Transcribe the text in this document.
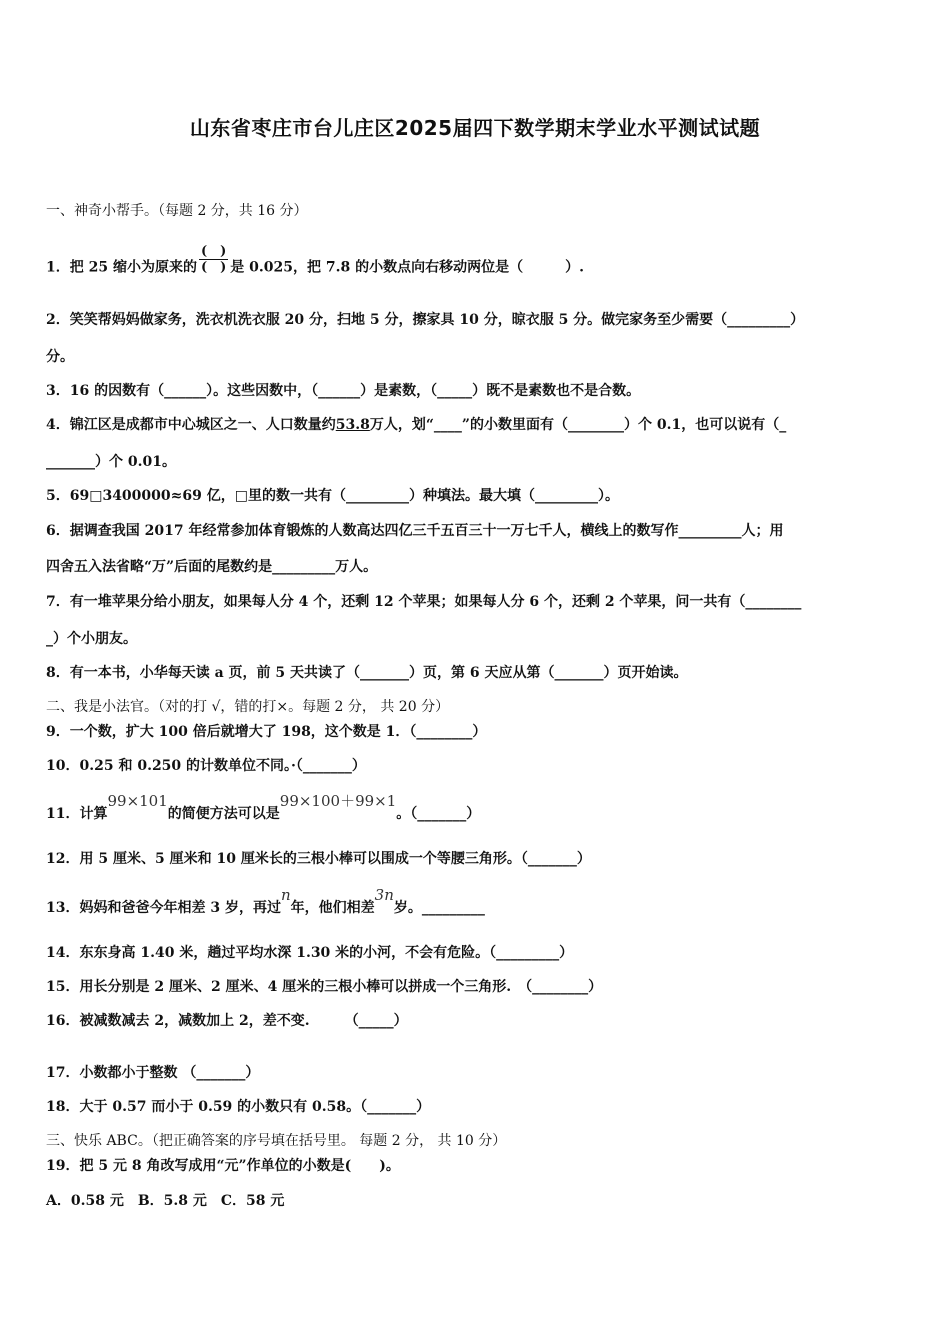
山东省枣庄市台儿庄区2025届四下数学期末学业水平测试试题
一、神奇小帮手。（每题 2 分，共 16 分）
1．把 25 缩小为原来的 $\frac{( )}{( )}$ 是 0.025，把 7.8 的小数点向右移动两位是（　　　）.
2．笑笑帮妈妈做家务，洗衣机洗衣服 20 分，扫地 5 分，擦家具 10 分，晾衣服 5 分。做完家务至少需要（_________）
分。
3．16 的因数有（______）。这些因数中，（______）是素数，（_____）既不是素数也不是合数。
4．锦江区是成都市中心城区之一、人口数量约53.8万人，划“____”的小数里面有（________）个 0.1，也可以说有（_
_______）个 0.01。
5．69□3400000≈69 亿，□里的数一共有（_________）种填法。最大填（_________）。
6．据调查我国 2017 年经常参加体育锻炼的人数高达四亿三千五百三十一万七千人，横线上的数写作_________人；用
四舍五入法省略“万”后面的尾数约是_________万人。
7．有一堆苹果分给小朋友，如果每人分 4 个，还剩 12 个苹果；如果每人分 6 个，还剩 2 个苹果，问一共有（________
_）个小朋友。
8．有一本书，小华每天读 a 页，前 5 天共读了（_______）页，第 6 天应从第（_______）页开始读。
二、我是小法官。（对的打 √，错的打×。每题 2 分， 共 20 分）
9．一个数，扩大 100 倍后就增大了 198，这个数是 1．（________）
10．0.25 和 0.250 的计数单位不同。·（_______）
11．计算99×101的简便方法可以是99×100＋99×1。（_______）
12．用 5 厘米、5 厘米和 10 厘米长的三根小棒可以围成一个等腰三角形。（_______）
13．妈妈和爸爸今年相差 3 岁，再过n年，他们相差3n岁。_________
14．东东身高 1.40 米，趟过平均水深 1.30 米的小河，不会有危险。（_________）
15．用长分别是 2 厘米、2 厘米、4 厘米的三根小棒可以拼成一个三角形.　（________）
16．被减数减去 2，减数加上 2，差不变.　　　（_____）
17．小数都小于整数 （_______）
18．大于 0.57 而小于 0.59 的小数只有 0.58。（_______）
三、快乐 ABC。（把正确答案的序号填在括号里。 每题 2 分， 共 10 分）
19．把 5 元 8 角改写成用“元”作单位的小数是(　　)。
A．0.58 元　B．5.8 元　C．58 元
